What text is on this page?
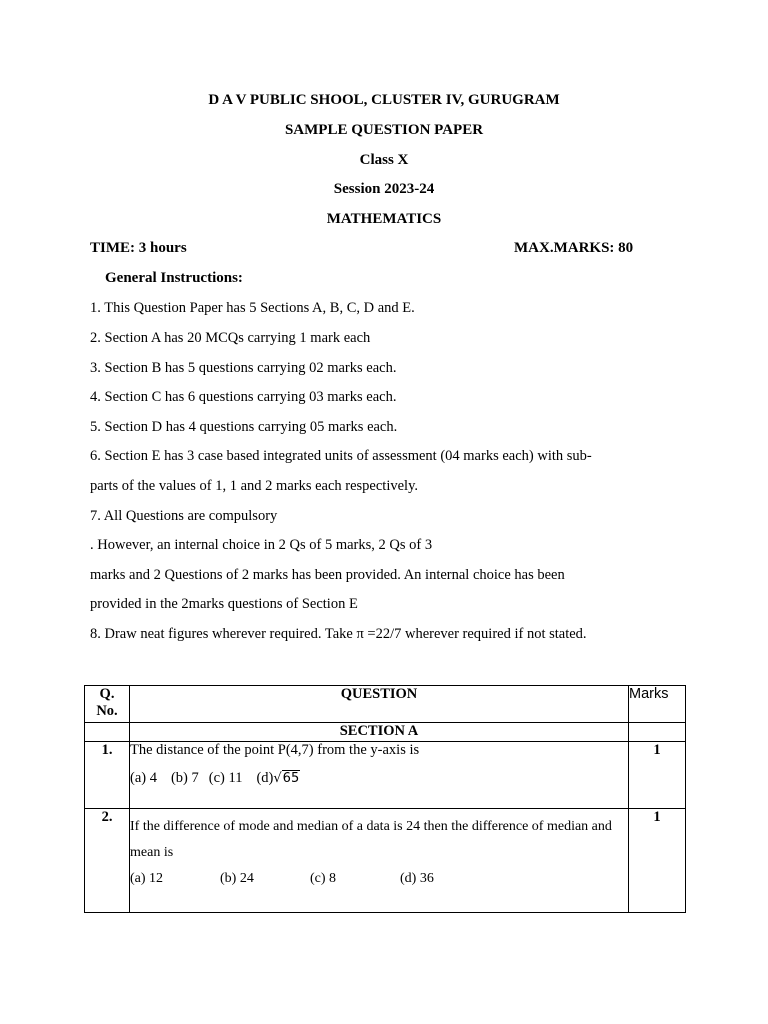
D A V PUBLIC SHOOL, CLUSTER IV, GURUGRAM
SAMPLE QUESTION PAPER
Class X
Session 2023-24
MATHEMATICS
TIME: 3 hours	MAX.MARKS: 80
General Instructions:
1. This Question Paper has 5 Sections A, B, C, D and E.
2. Section A has 20 MCQs carrying 1 mark each
3. Section B has 5 questions carrying 02 marks each.
4. Section C has 6 questions carrying 03 marks each.
5. Section D has 4 questions carrying 05 marks each.
6. Section E has 3 case based integrated units of assessment (04 marks each) with sub-
parts of the values of 1, 1 and 2 marks each respectively.
7. All Questions are compulsory
. However, an internal choice in 2 Qs of 5 marks, 2 Qs of 3
marks and 2 Questions of 2 marks has been provided. An internal choice has been
provided in the 2marks questions of Section E
8. Draw neat figures wherever required. Take π =22/7 wherever required if not stated.
Q.
No.	QUESTION	Marks
	SECTION A	
1.	The distance of the point P(4,7) from the y-axis is
(a) 4 (b) 7 (c) 11 (d)√65	1
2.	If the difference of mode and median of a data is 24 then the difference of median and
mean is
(a) 12 (b) 24 (c) 8 (d) 36	1
